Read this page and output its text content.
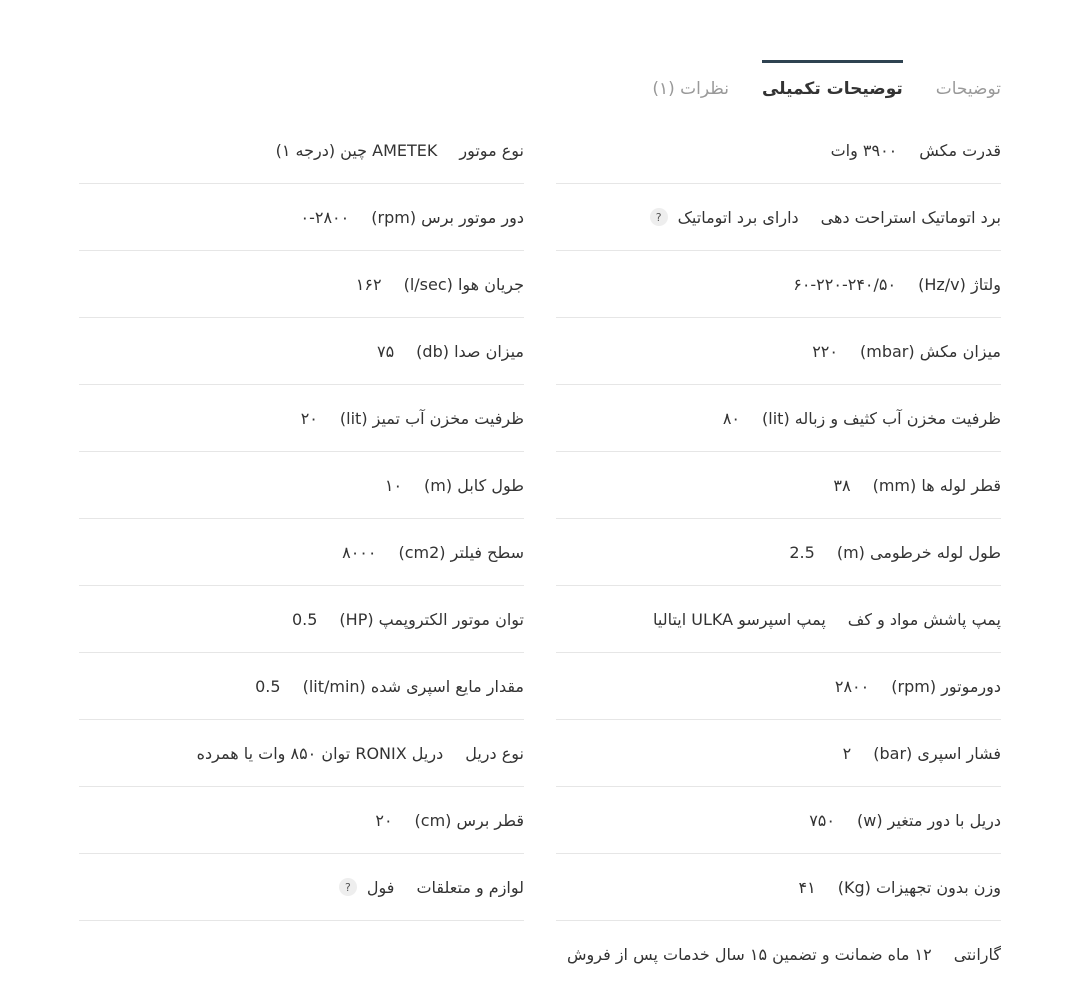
توضیحات
توضیحات تکمیلی
نظرات (۱)
قدرت مکش
۳۹۰۰ وات
برد اتوماتیک استراحت دهی
دارای برد اتوماتیک
?
ولتاژ (Hz/v)
۶۰-۲۲۰-۲۴۰/۵۰
میزان مکش (mbar)
۲۲۰
ظرفیت مخزن آب کثیف و زباله (lit)
۸۰
قطر لوله ها (mm)
۳۸
طول لوله خرطومی (m)
2.5
پمپ پاشش مواد و کف
پمپ اسپرسو ULKA ایتالیا
دورموتور (rpm)
۲۸۰۰
فشار اسپری (bar)
۲
دریل با دور متغیر (w)
۷۵۰
وزن بدون تجهیزات (Kg)
۴۱
گارانتی
۱۲ ماه ضمانت و تضمین ۱۵ سال خدمات پس از فروش
نوع موتور
AMETEK چین (درجه ۱)
دور موتور برس (rpm)
۰-۲۸۰۰
جریان هوا (l/sec)
۱۶۲
میزان صدا (db)
۷۵
ظرفیت مخزن آب تمیز (lit)
۲۰
طول کابل (m)
۱۰
سطح فیلتر (cm2)
۸۰۰۰
توان موتور الکتروپمپ (HP)
0.5
مقدار مایع اسپری شده (lit/min)
0.5
نوع دریل
دریل RONIX توان ۸۵۰ وات یا همرده
قطر برس (cm)
۲۰
لوازم و متعلقات
فول
?
